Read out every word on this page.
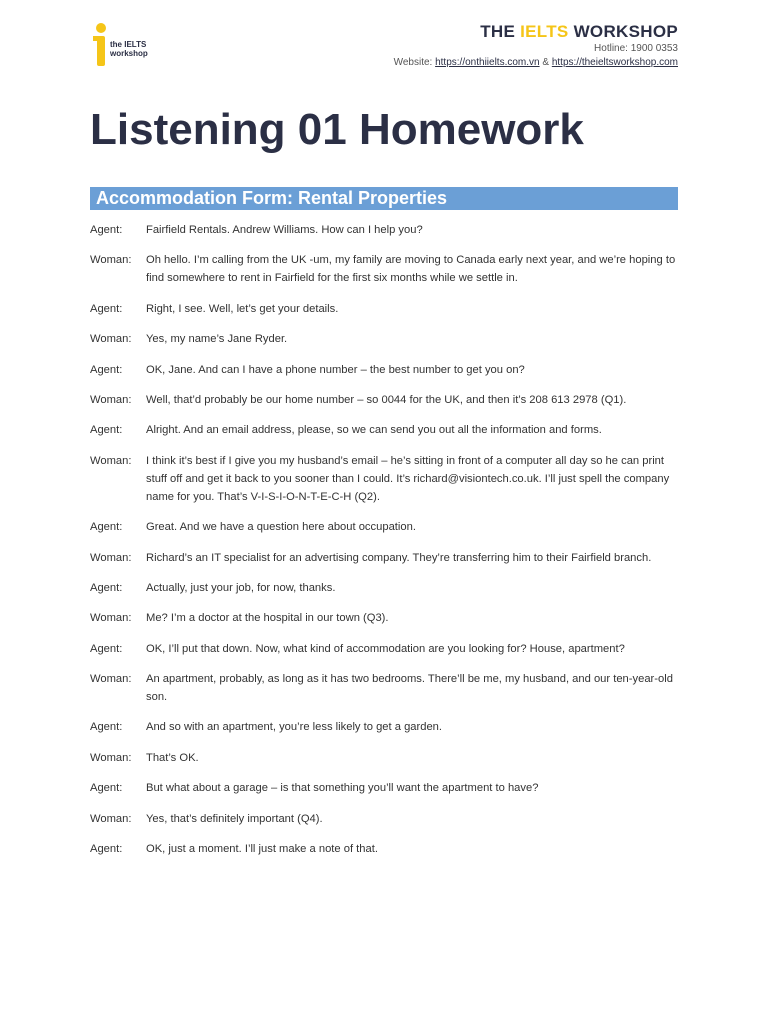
the IELTS
workshop
THE IELTS WORKSHOP
Hotline: 1900 0353
Website: https://onthiielts.com.vn & https://theieltsworkshop.com
Listening 01 Homework
Accommodation Form: Rental Properties
Agent:	Fairfield Rentals. Andrew Williams. How can I help you?
Woman:	Oh hello. I’m calling from the UK -um, my family are moving to Canada early next year, and we’re hoping to find somewhere to rent in Fairfield for the first six months while we settle in.
Agent:	Right, I see. Well, let’s get your details.
Woman:	Yes, my name’s Jane Ryder.
Agent:	OK, Jane. And can I have a phone number – the best number to get you on?
Woman:	Well, that’d probably be our home number – so 0044 for the UK, and then it’s 208 613 2978 (Q1).
Agent:	Alright. And an email address, please, so we can send you out all the information and forms.
Woman:	I think it’s best if I give you my husband’s email – he’s sitting in front of a computer all day so he can print stuff off and get it back to you sooner than I could. It’s richard@visiontech.co.uk. I’ll just spell the company name for you. That’s V-I-S-I-O-N-T-E-C-H (Q2).
Agent:	Great. And we have a question here about occupation.
Woman:	Richard’s an IT specialist for an advertising company. They’re transferring him to their Fairfield branch.
Agent:	Actually, just your job, for now, thanks.
Woman:	Me? I’m a doctor at the hospital in our town (Q3).
Agent:	OK, I’ll put that down. Now, what kind of accommodation are you looking for? House, apartment?
Woman:	An apartment, probably, as long as it has two bedrooms. There’ll be me, my husband, and our ten-year-old son.
Agent:	And so with an apartment, you’re less likely to get a garden.
Woman:	That’s OK.
Agent:	But what about a garage – is that something you’ll want the apartment to have?
Woman:	Yes, that’s definitely important (Q4).
Agent:	OK, just a moment. I’ll just make a note of that.
